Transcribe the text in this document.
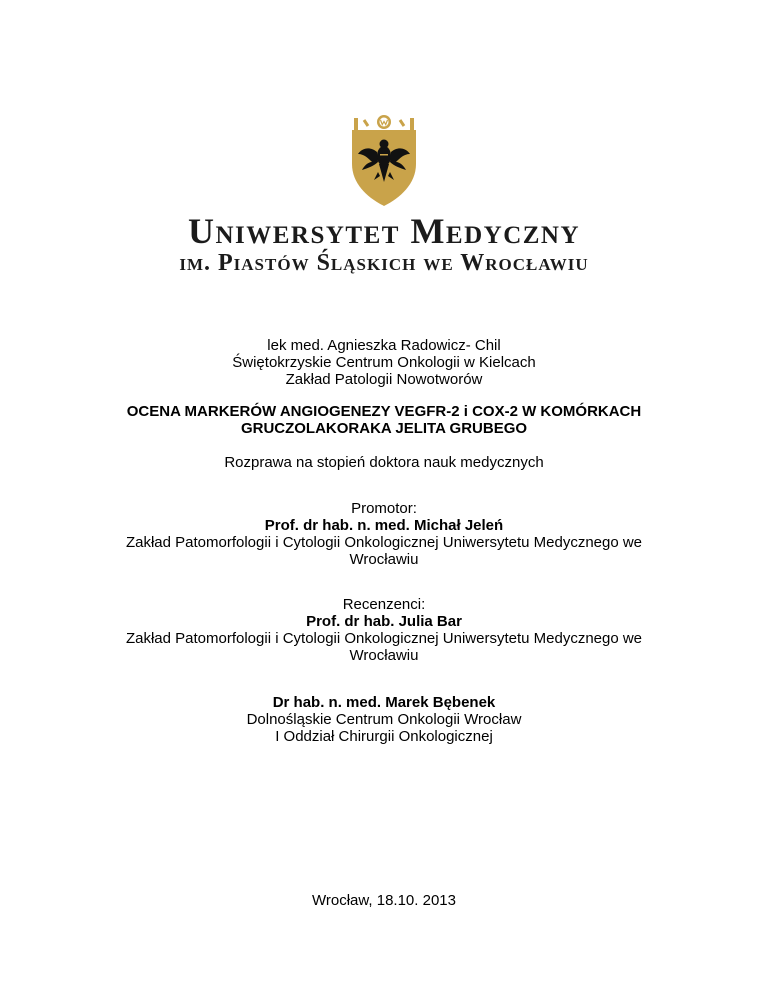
Uniwersytet Medyczny
im. Piastów Śląskich we Wrocławiu
lek med. Agnieszka Radowicz- Chil
Świętokrzyskie Centrum Onkologii w Kielcach
Zakład Patologii Nowotworów
OCENA MARKERÓW ANGIOGENEZY VEGFR-2 i COX-2 W KOMÓRKACH
GRUCZOLAKORAKA JELITA GRUBEGO
Rozprawa na stopień doktora nauk medycznych
Promotor:
Prof. dr hab. n. med. Michał Jeleń
Zakład Patomorfologii i Cytologii Onkologicznej Uniwersytetu Medycznego we
Wrocławiu
Recenzenci:
Prof. dr hab. Julia Bar
Zakład Patomorfologii i Cytologii Onkologicznej Uniwersytetu Medycznego we
Wrocławiu
Dr hab. n. med. Marek Bębenek
Dolnośląskie Centrum Onkologii Wrocław
I Oddział Chirurgii Onkologicznej
Wrocław, 18.10. 2013
